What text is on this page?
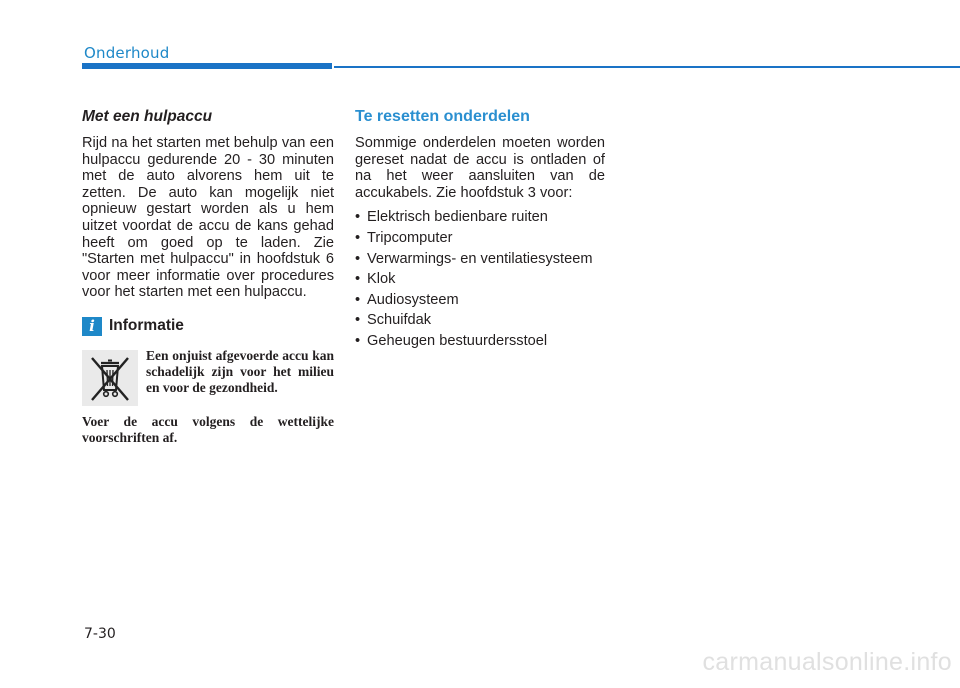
Onderhoud

Met een hulpaccu

Rijd na het starten met behulp van een hulpaccu gedurende 20 - 30 minuten met de auto alvorens hem uit te zetten. De auto kan mogelijk niet opnieuw gestart worden als u hem uitzet voordat de accu de kans gehad heeft om goed op te laden. Zie "Starten met hulpaccu" in hoofdstuk 6 voor meer informatie over procedures voor het starten met een hulpaccu.

i Informatie
Een onjuist afgevoerde accu kan schadelijk zijn voor het milieu en voor de gezondheid.
Voer de accu volgens de wettelijke voorschriften af.

Te resetten onderdelen

Sommige onderdelen moeten worden gereset nadat de accu is ontladen of na het weer aansluiten van de accukabels. Zie hoofdstuk 3 voor:

• Elektrisch bedienbare ruiten
• Tripcomputer
• Verwarmings- en ventilatiesysteem
• Klok
• Audiosysteem
• Schuifdak
• Geheugen bestuurdersstoel
7-30
carmanualsonline.info
